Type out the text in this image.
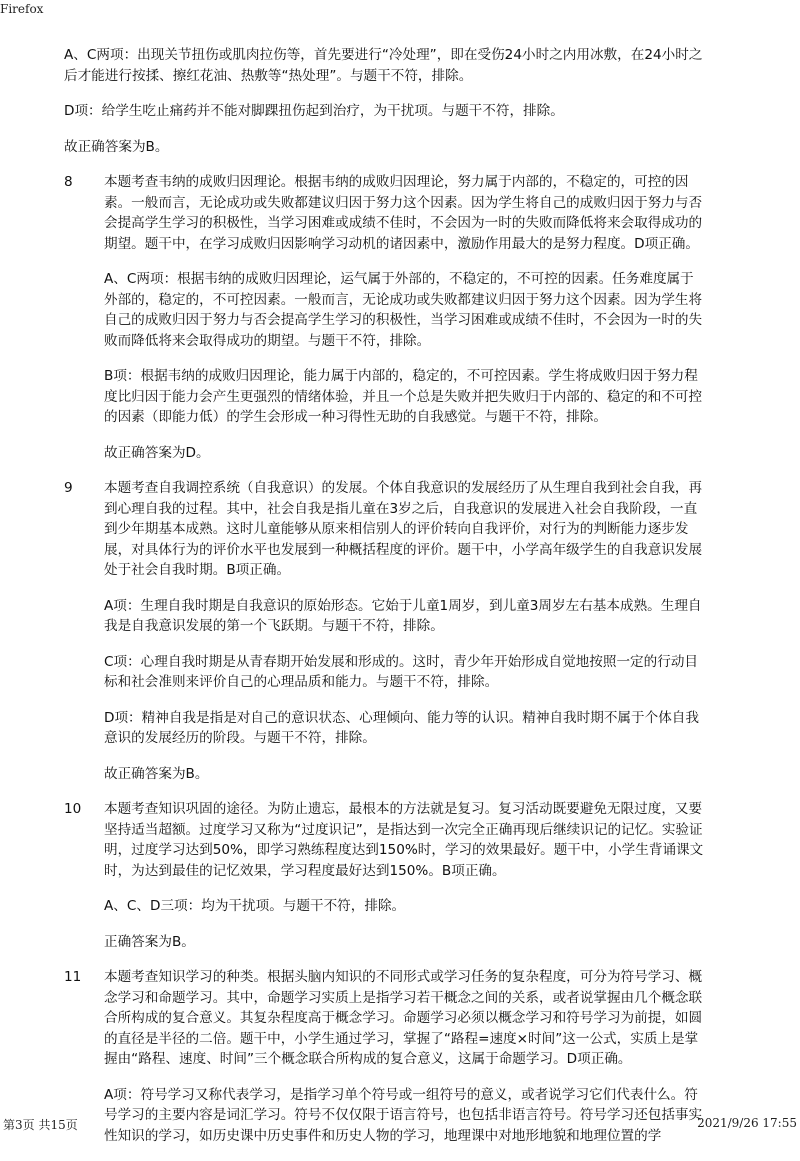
Firefox

A、C两项：出现关节扭伤或肌肉拉伤等，首先要进行“冷处理”，即在受伤24小时之内用冰敷，在24小时之后才能进行按揉、擦红花油、热敷等“热处理”。与题干不符，排除。

D项：给学生吃止痛药并不能对脚踝扭伤起到治疗，为干扰项。与题干不符，排除。

故正确答案为B。

8 本题考查韦纳的成败归因理论。根据韦纳的成败归因理论，努力属于内部的，不稳定的，可控的因素。一般而言，无论成功或失败都建议归因于努力这个因素。因为学生将自己的成败归因于努力与否会提高学生学习的积极性，当学习困难或成绩不佳时，不会因为一时的失败而降低将来会取得成功的期望。题干中，在学习成败归因影响学习动机的诸因素中，激励作用最大的是努力程度。D项正确。

A、C两项：根据韦纳的成败归因理论，运气属于外部的，不稳定的，不可控的因素。任务难度属于外部的，稳定的，不可控因素。一般而言，无论成功或失败都建议归因于努力这个因素。因为学生将自己的成败归因于努力与否会提高学生学习的积极性，当学习困难或成绩不佳时，不会因为一时的失败而降低将来会取得成功的期望。与题干不符，排除。

B项：根据韦纳的成败归因理论，能力属于内部的，稳定的，不可控因素。学生将成败归因于努力程度比归因于能力会产生更强烈的情绪体验，并且一个总是失败并把失败归于内部的、稳定的和不可控的因素（即能力低）的学生会形成一种习得性无助的自我感觉。与题干不符，排除。

故正确答案为D。

9 本题考查自我调控系统（自我意识）的发展。个体自我意识的发展经历了从生理自我到社会自我，再到心理自我的过程。其中，社会自我是指儿童在3岁之后，自我意识的发展进入社会自我阶段，一直到少年期基本成熟。这时儿童能够从原来相信别人的评价转向自我评价，对行为的判断能力逐步发展，对具体行为的评价水平也发展到一种概括程度的评价。题干中，小学高年级学生的自我意识发展处于社会自我时期。B项正确。

A项：生理自我时期是自我意识的原始形态。它始于儿童1周岁，到儿童3周岁左右基本成熟。生理自我是自我意识发展的第一个飞跃期。与题干不符，排除。

C项：心理自我时期是从青春期开始发展和形成的。这时，青少年开始形成自觉地按照一定的行动目标和社会准则来评价自己的心理品质和能力。与题干不符，排除。

D项：精神自我是指是对自己的意识状态、心理倾向、能力等的认识。精神自我时期不属于个体自我意识的发展经历的阶段。与题干不符，排除。

故正确答案为B。

10 本题考查知识巩固的途径。为防止遗忘，最根本的方法就是复习。复习活动既要避免无限过度，又要坚持适当超额。过度学习又称为“过度识记”，是指达到一次完全正确再现后继续识记的记忆。实验证明，过度学习达到50%，即学习熟练程度达到150%时，学习的效果最好。题干中，小学生背诵课文时，为达到最佳的记忆效果，学习程度最好达到150%。B项正确。

A、C、D三项：均为干扰项。与题干不符，排除。

正确答案为B。

11 本题考查知识学习的种类。根据头脑内知识的不同形式或学习任务的复杂程度，可分为符号学习、概念学习和命题学习。其中，命题学习实质上是指学习若干概念之间的关系，或者说掌握由几个概念联合所构成的复合意义。其复杂程度高于概念学习。命题学习必须以概念学习和符号学习为前提，如圆的直径是半径的二倍。题干中，小学生通过学习，掌握了“路程=速度×时间”这一公式，实质上是掌握由“路程、速度、时间”三个概念联合所构成的复合意义，这属于命题学习。D项正确。

A项：符号学习又称代表学习，是指学习单个符号或一组符号的意义，或者说学习它们代表什么。符号学习的主要内容是词汇学习。符号不仅仅限于语言符号，也包括非语言符号。符号学习还包括事实性知识的学习，如历史课中历史事件和历史人物的学习，地理课中对地形地貌和地理位置的学

第3页 共15页	2021/9/26 17:55
